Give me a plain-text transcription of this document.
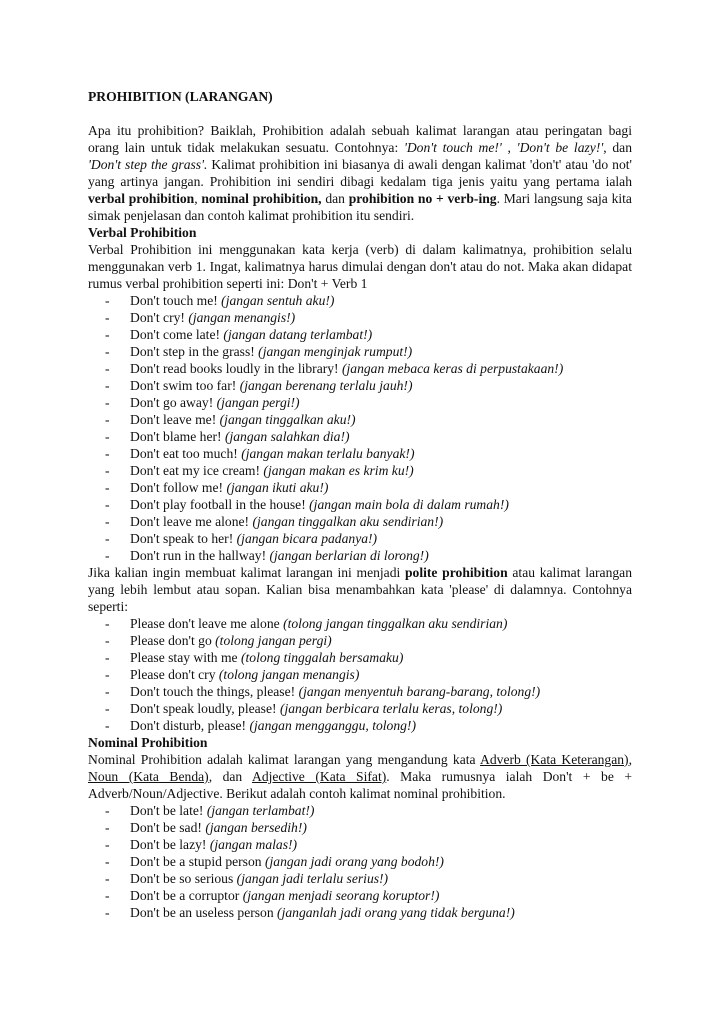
PROHIBITION (LARANGAN)

Apa itu prohibition? Baiklah, Prohibition adalah sebuah kalimat larangan atau peringatan bagi orang lain untuk tidak melakukan sesuatu. Contohnya: 'Don't touch me!' , 'Don't be lazy!', dan 'Don't step the grass'. Kalimat prohibition ini biasanya di awali dengan kalimat 'don't' atau 'do not' yang artinya jangan. Prohibition ini sendiri dibagi kedalam tiga jenis yaitu yang pertama ialah verbal prohibition, nominal prohibition, dan prohibition no + verb-ing. Mari langsung saja kita simak penjelasan dan contoh kalimat prohibition itu sendiri.

Verbal Prohibition

Verbal Prohibition ini menggunakan kata kerja (verb) di dalam kalimatnya, prohibition selalu menggunakan verb 1. Ingat, kalimatnya harus dimulai dengan don't atau do not. Maka akan didapat rumus verbal prohibition seperti ini: Don't + Verb 1

- Don't touch me! (jangan sentuh aku!)
- Don't cry! (jangan menangis!)
- Don't come late! (jangan datang terlambat!)
- Don't step in the grass! (jangan menginjak rumput!)
- Don't read books loudly in the library! (jangan mebaca keras di perpustakaan!)
- Don't swim too far! (jangan berenang terlalu jauh!)
- Don't go away! (jangan pergi!)
- Don't leave me! (jangan tinggalkan aku!)
- Don't blame her! (jangan salahkan dia!)
- Don't eat too much! (jangan makan terlalu banyak!)
- Don't eat my ice cream! (jangan makan es krim ku!)
- Don't follow me! (jangan ikuti aku!)
- Don't play football in the house! (jangan main bola di dalam rumah!)
- Don't leave me alone! (jangan tinggalkan aku sendirian!)
- Don't speak to her! (jangan bicara padanya!)
- Don't run in the hallway! (jangan berlarian di lorong!)

Jika kalian ingin membuat kalimat larangan ini menjadi polite prohibition atau kalimat larangan yang lebih lembut atau sopan. Kalian bisa menambahkan kata 'please' di dalamnya. Contohnya seperti:

- Please don't leave me alone (tolong jangan tinggalkan aku sendirian)
- Please don't go (tolong jangan pergi)
- Please stay with me (tolong tinggalah bersamaku)
- Please don't cry (tolong jangan menangis)
- Don't touch the things, please! (jangan menyentuh barang-barang, tolong!)
- Don't speak loudly, please! (jangan berbicara terlalu keras, tolong!)
- Don't disturb, please! (jangan mengganggu, tolong!)
Nominal Prohibition

Nominal Prohibition adalah kalimat larangan yang mengandung kata Adverb (Kata Keterangan), Noun (Kata Benda), dan Adjective (Kata Sifat). Maka rumusnya ialah Don't + be + Adverb/Noun/Adjective. Berikut adalah contoh kalimat nominal prohibition.

- Don't be late! (jangan terlambat!)
- Don't be sad! (jangan bersedih!)
- Don't be lazy! (jangan malas!)
- Don't be a stupid person (jangan jadi orang yang bodoh!)
- Don't be so serious (jangan jadi terlalu serius!)
- Don't be a corruptor (jangan menjadi seorang koruptor!)
- Don't be an useless person (janganlah jadi orang yang tidak berguna!)
